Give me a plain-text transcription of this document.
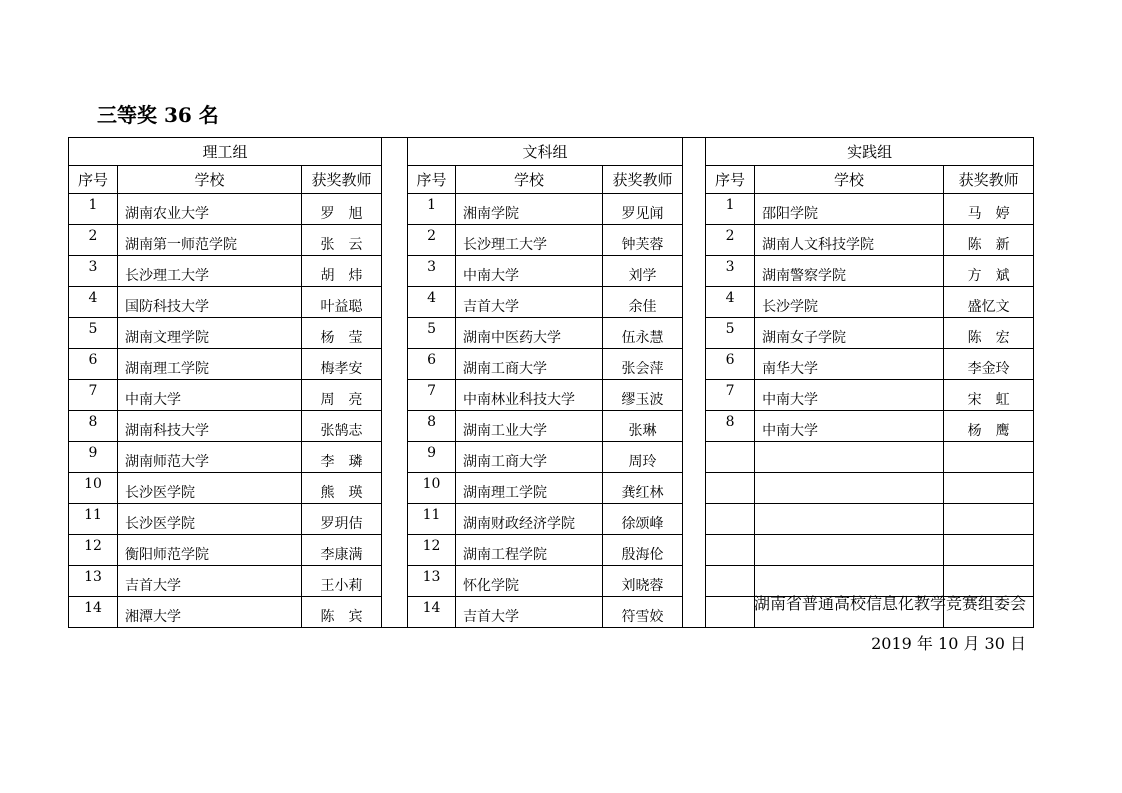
三等奖 36 名
理工组				文科组				实践组		
序号	学校	获奖教师		序号	学校	获奖教师		序号	学校	获奖教师
1	湖南农业大学	罗　旭		1	湘南学院	罗见闻		1	邵阳学院	马　婷
2	湖南第一师范学院	张　云		2	长沙理工大学	钟芙蓉		2	湖南人文科技学院	陈　新
3	长沙理工大学	胡　炜		3	中南大学	刘学		3	湖南警察学院	方　斌
4	国防科技大学	叶益聪		4	吉首大学	余佳		4	长沙学院	盛忆文
5	湖南文理学院	杨　莹		5	湖南中医药大学	伍永慧		5	湖南女子学院	陈　宏
6	湖南理工学院	梅孝安		6	湖南工商大学	张会萍		6	南华大学	李金玲
7	中南大学	周　亮		7	中南林业科技大学	缪玉波		7	中南大学	宋　虹
8	湖南科技大学	张鹄志		8	湖南工业大学	张琳		8	中南大学	杨　鹰
9	湖南师范大学	李　璘		9	湖南工商大学	周玲				
10	长沙医学院	熊　瑛		10	湖南理工学院	龚红林				
11	长沙医学院	罗玥佶		11	湖南财政经济学院	徐颂峰				
12	衡阳师范学院	李康满		12	湖南工程学院	殷海伦				
13	吉首大学	王小莉		13	怀化学院	刘晓蓉				
14	湘潭大学	陈　宾		14	吉首大学	符雪姣				

湖南省普通高校信息化教学竞赛组委会

2019 年 10 月 30 日
